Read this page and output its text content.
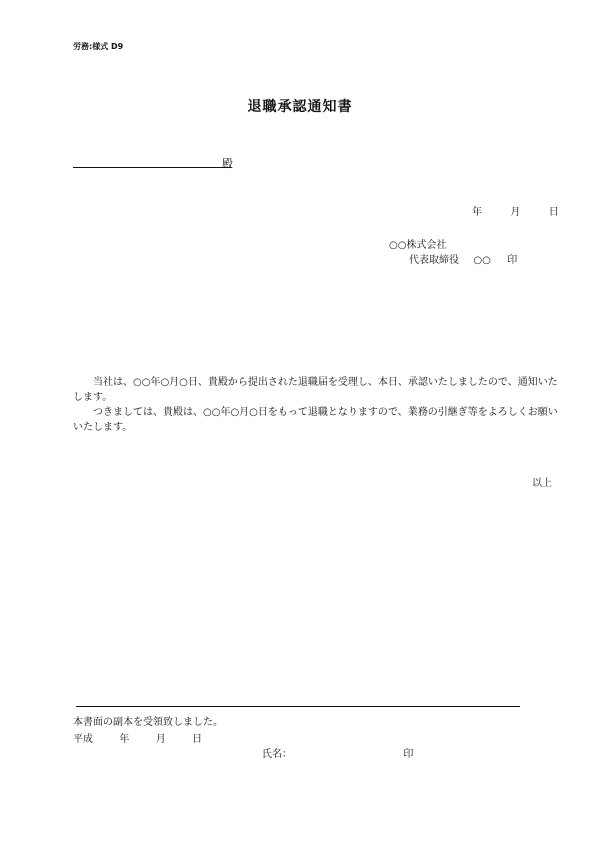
労務:様式 D9
退職承認通知書
殿
年	月	日
○○株式会社
代表取締役 ○○ 印

当社は、○○年○月○日、貴殿から提出された退職届を受理し、本日、承認いたしましたので、通知いたします。

つきましては、貴殿は、○○年○月○日をもって退職となりますので、業務の引継ぎ等をよろしくお願いいたします。

以上
本書面の副本を受領致しました。
平成	年	月	日
氏名：	印
